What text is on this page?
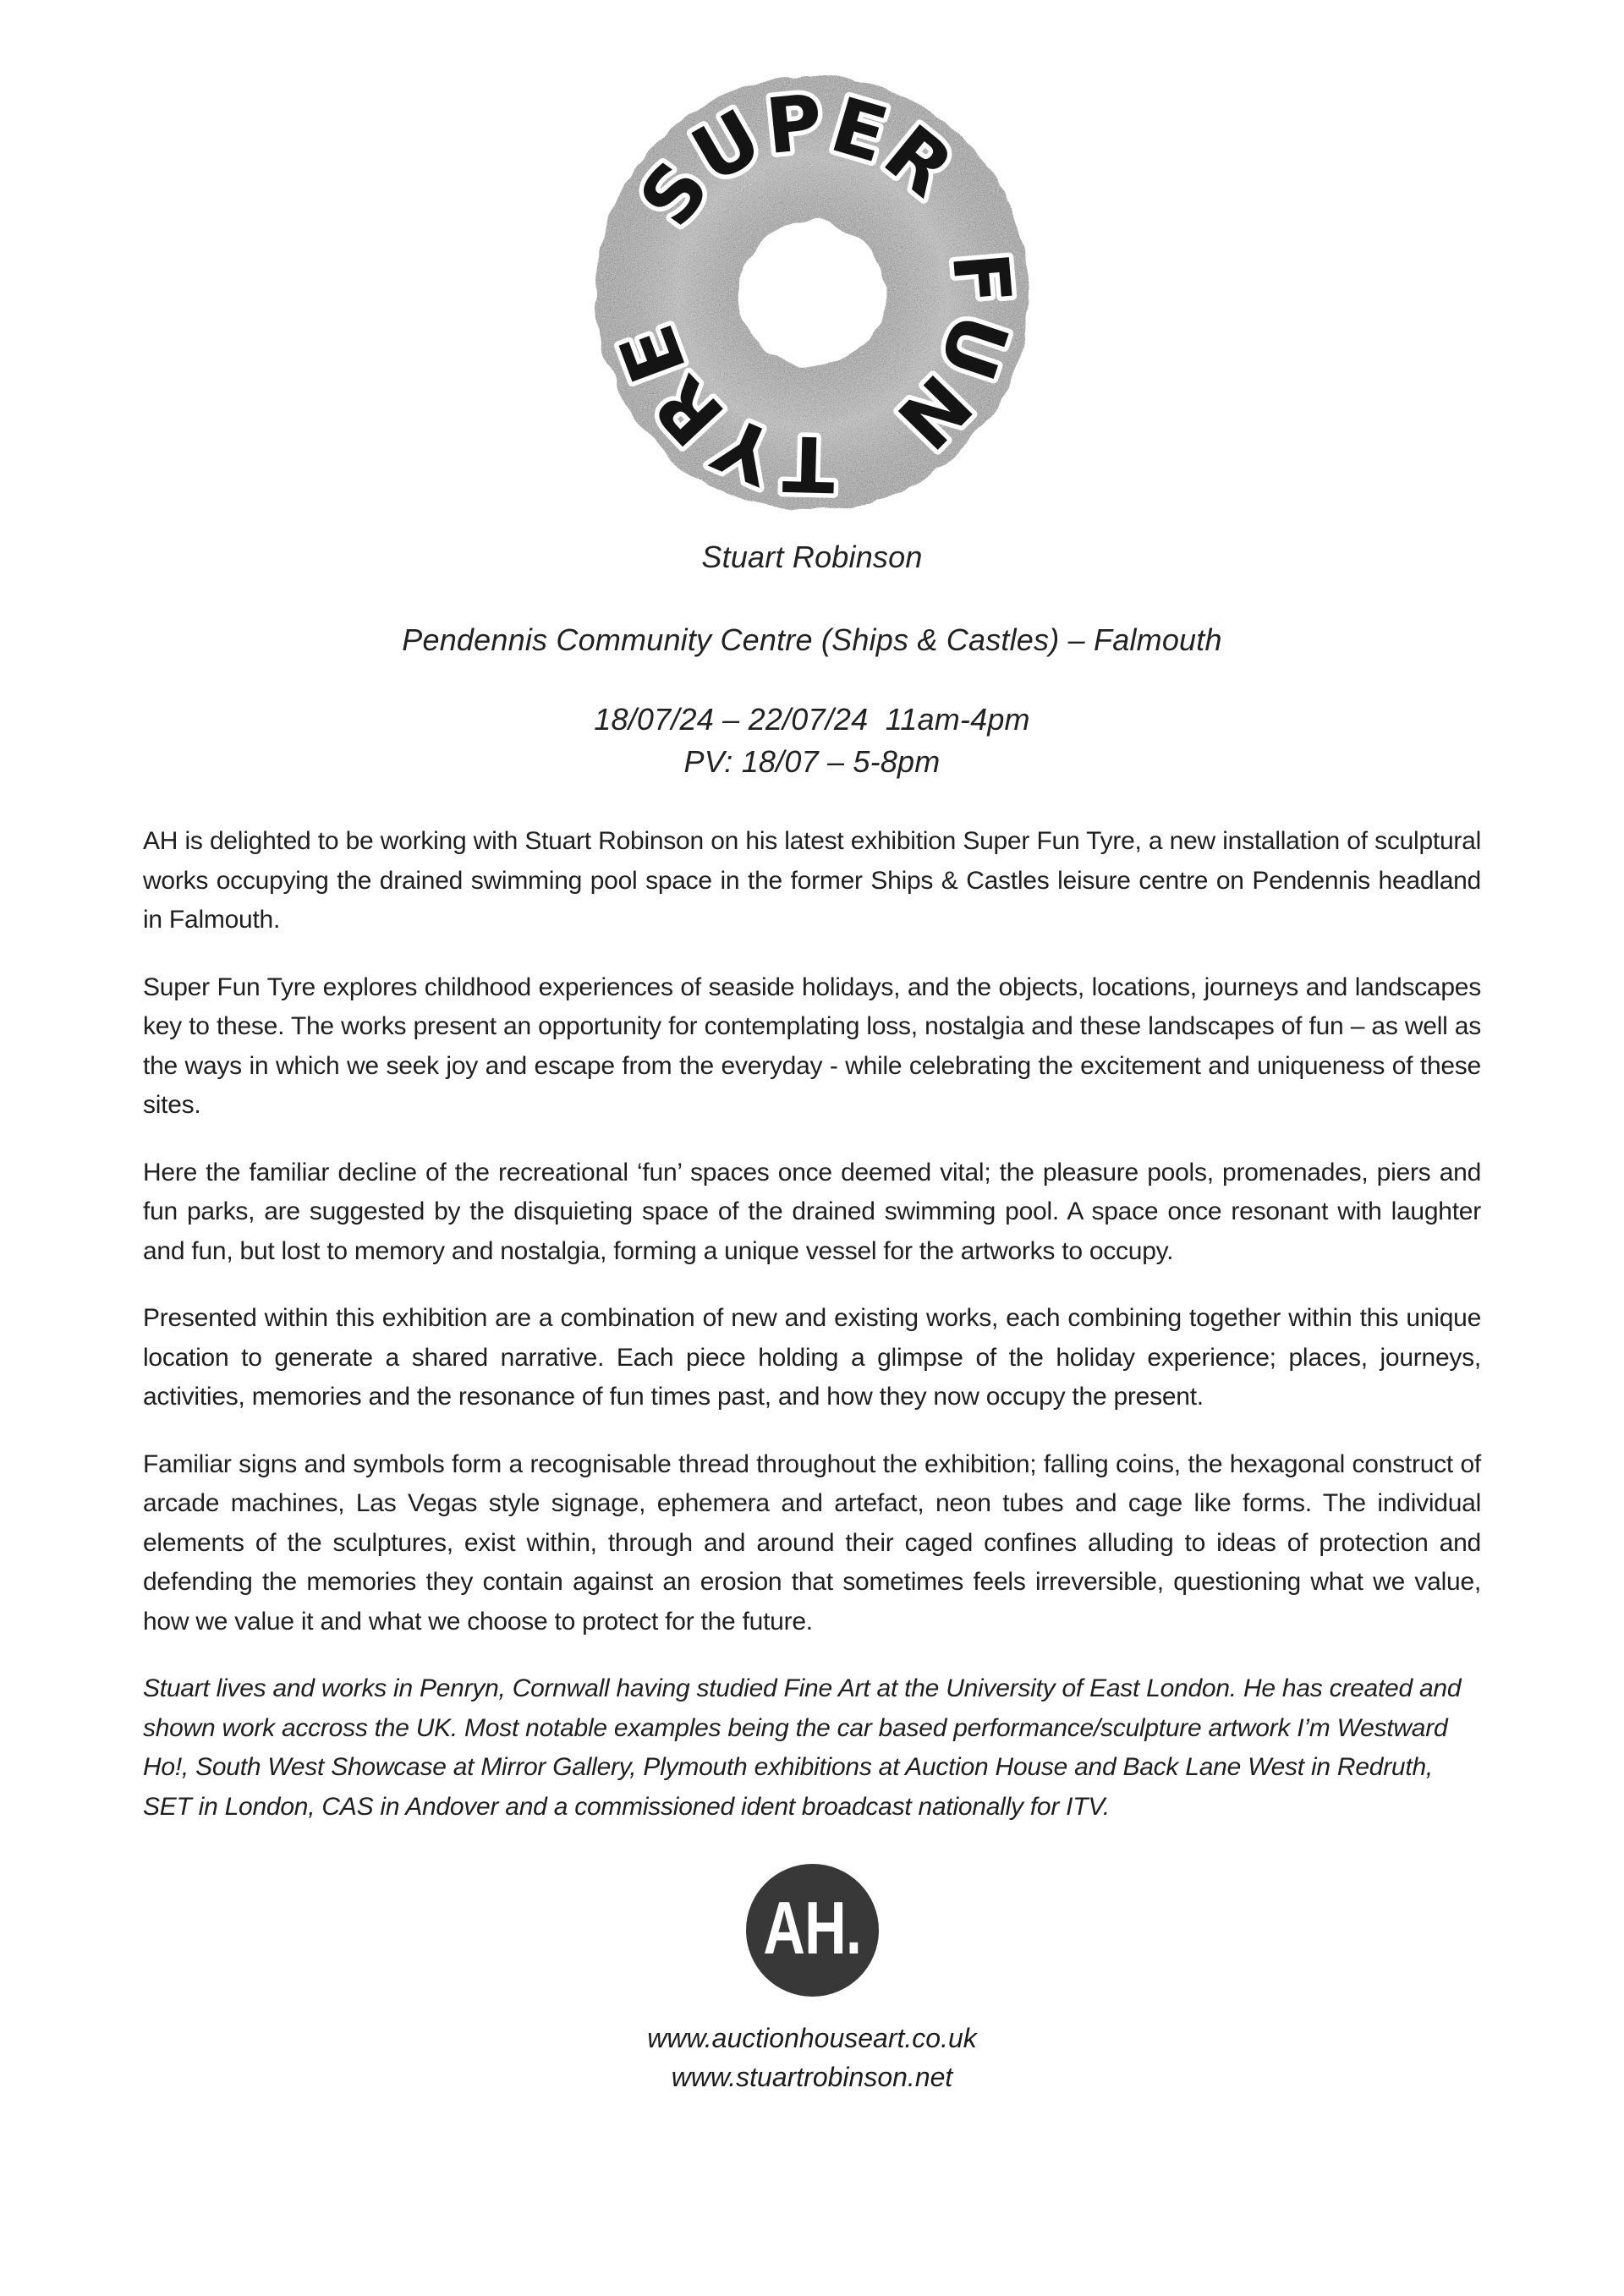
SUPER FUN TYRE
Stuart Robinson
Pendennis Community Centre (Ships & Castles) – Falmouth
18/07/24 – 22/07/24  11am-4pm
PV: 18/07 – 5-8pm

AH is delighted to be working with Stuart Robinson on his latest exhibition Super Fun Tyre, a new installation of sculptural works occupying the drained swimming pool space in the former Ships & Castles leisure centre on Pendennis headland in Falmouth.

Super Fun Tyre explores childhood experiences of seaside holidays, and the objects, locations, journeys and landscapes key to these. The works present an opportunity for contemplating loss, nostalgia and these landscapes of fun – as well as the ways in which we seek joy and escape from the everyday - while celebrating the excitement and uniqueness of these sites.

Here the familiar decline of the recreational ‘fun’ spaces once deemed vital; the pleasure pools, promenades, piers and fun parks, are suggested by the disquieting space of the drained swimming pool. A space once resonant with laughter and fun, but lost to memory and nostalgia, forming a unique vessel for the artworks to occupy.

Presented within this exhibition are a combination of new and existing works, each combining together within this unique location to generate a shared narrative. Each piece holding a glimpse of the holiday experience; places, journeys, activities, memories and the resonance of fun times past, and how they now occupy the present.

Familiar signs and symbols form a recognisable thread throughout the exhibition; falling coins, the hexagonal construct of arcade machines, Las Vegas style signage, ephemera and artefact, neon tubes and cage like forms. The individual elements of the sculptures, exist within, through and around their caged confines alluding to ideas of protection and defending the memories they contain against an erosion that sometimes feels irreversible, questioning what we value, how we value it and what we choose to protect for the future.

Stuart lives and works in Penryn, Cornwall having studied Fine Art at the University of East London. He has created and shown work accross the UK. Most notable examples being the car based performance/sculpture artwork I’m Westward Ho!, South West Showcase at Mirror Gallery, Plymouth exhibitions at Auction House and Back Lane West in Redruth, SET in London, CAS in Andover and a commissioned ident broadcast nationally for ITV.

AH.
www.auctionhouseart.co.uk
www.stuartrobinson.net
